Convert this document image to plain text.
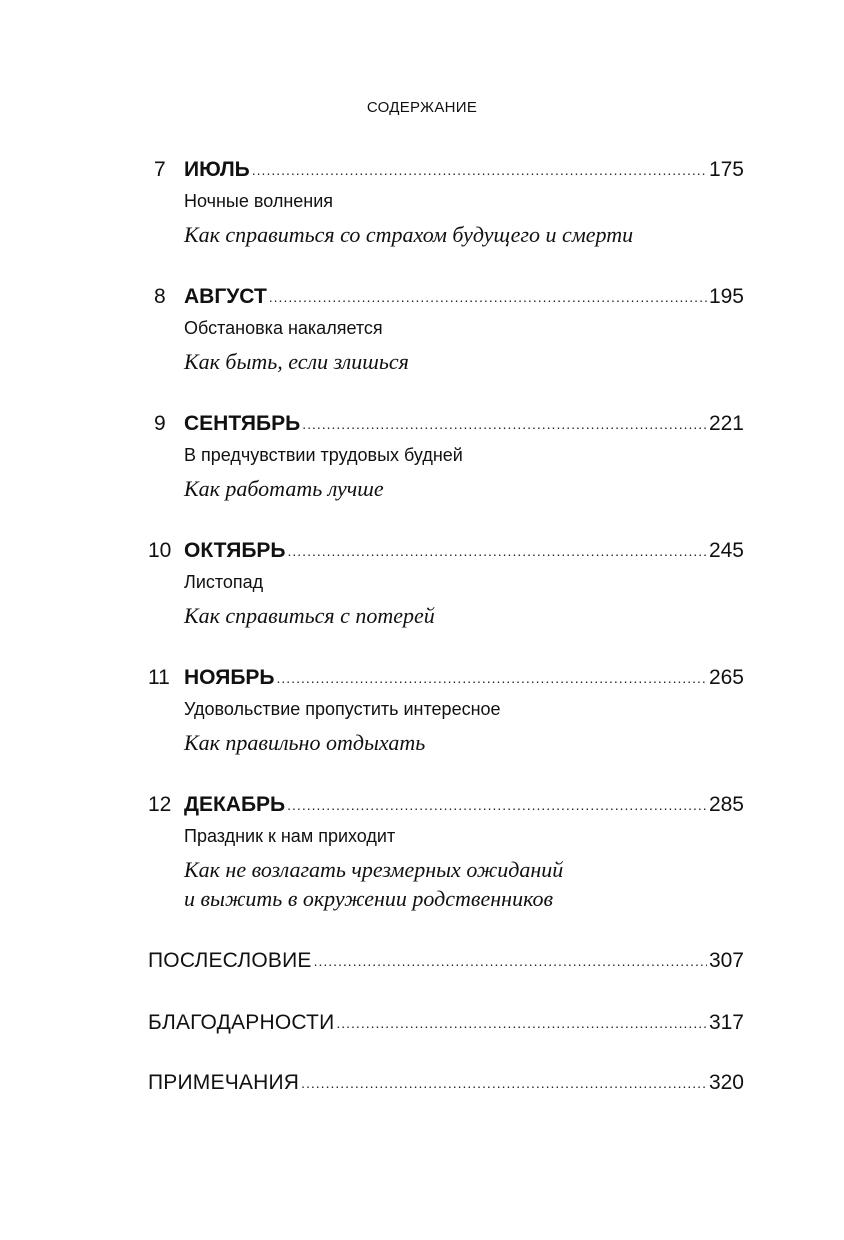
СОДЕРЖАНИЕ
7 ИЮЛЬ .....	175
Ночные волнения
Как справиться со страхом будущего и смерти
8 АВГУСТ .....	195
Обстановка накаляется
Как быть, если злишься
9 СЕНТЯБРЬ .....	221
В предчувствии трудовых будней
Как работать лучше
10 ОКТЯБРЬ .....	245
Листопад
Как справиться с потерей
11 НОЯБРЬ .....	265
Удовольствие пропустить интересное
Как правильно отдыхать
12 ДЕКАБРЬ .....	285
Праздник к нам приходит
Как не возлагать чрезмерных ожиданий
и выжить в окружении родственников
ПОСЛЕСЛОВИЕ .....	307
БЛАГОДАРНОСТИ .....	317
ПРИМЕЧАНИЯ .....	320
